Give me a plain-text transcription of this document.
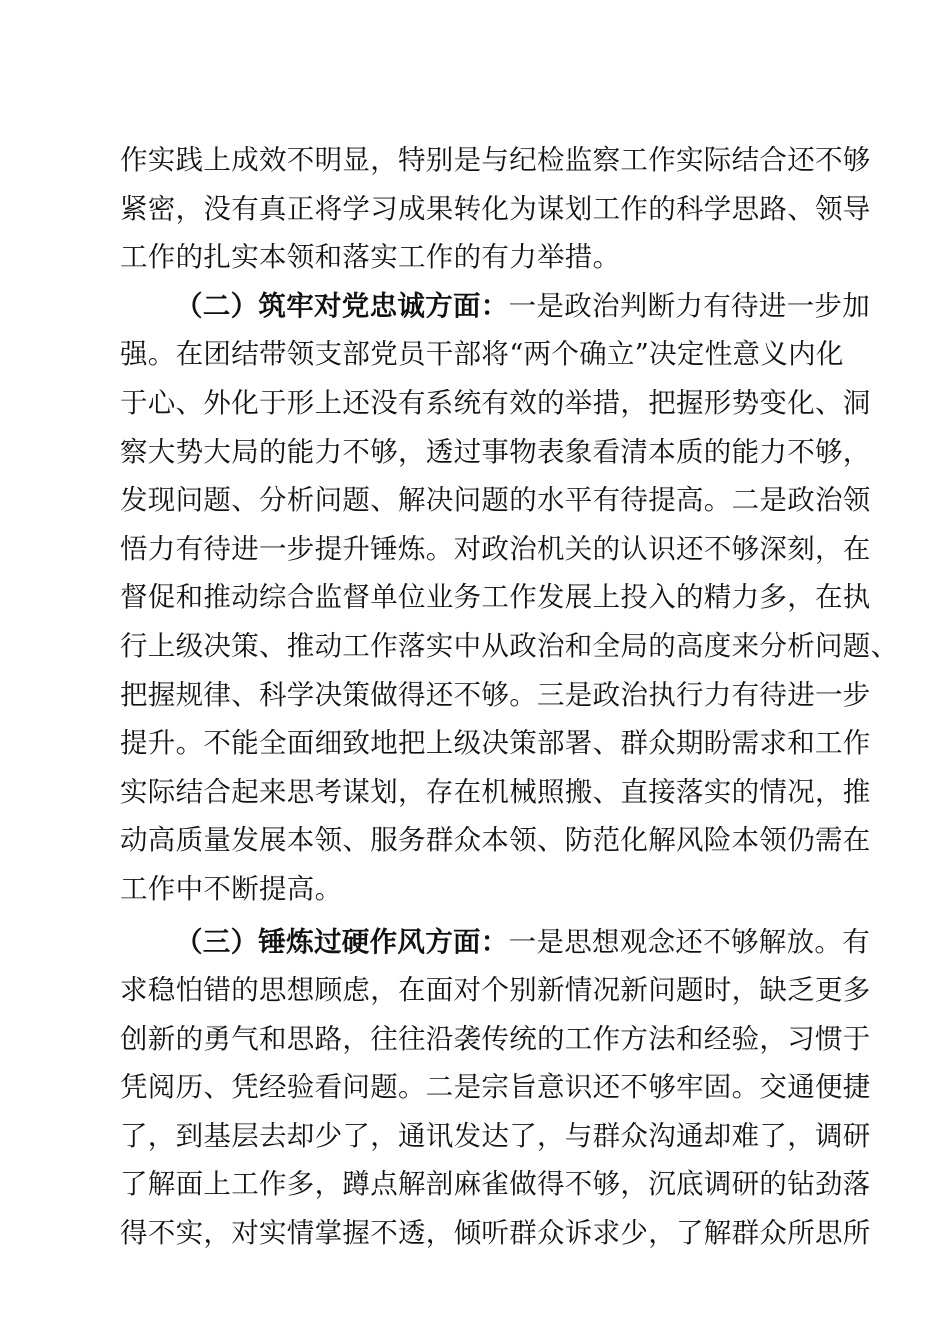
作实践上成效不明显，特别是与纪检监察工作实际结合还不够
紧密，没有真正将学习成果转化为谋划工作的科学思路、领导
工作的扎实本领和落实工作的有力举措。
（二）筑牢对党忠诚方面：一是政治判断力有待进一步加
强。在团结带领支部党员干部将“两个确立”决定性意义内化
于心、外化于形上还没有系统有效的举措，把握形势变化、洞
察大势大局的能力不够，透过事物表象看清本质的能力不够，
发现问题、分析问题、解决问题的水平有待提高。二是政治领
悟力有待进一步提升锤炼。对政治机关的认识还不够深刻，在
督促和推动综合监督单位业务工作发展上投入的精力多，在执
行上级决策、推动工作落实中从政治和全局的高度来分析问题、
把握规律、科学决策做得还不够。三是政治执行力有待进一步
提升。不能全面细致地把上级决策部署、群众期盼需求和工作
实际结合起来思考谋划，存在机械照搬、直接落实的情况，推
动高质量发展本领、服务群众本领、防范化解风险本领仍需在
工作中不断提高。
（三）锤炼过硬作风方面：一是思想观念还不够解放。有
求稳怕错的思想顾虑，在面对个别新情况新问题时，缺乏更多
创新的勇气和思路，往往沿袭传统的工作方法和经验，习惯于
凭阅历、凭经验看问题。二是宗旨意识还不够牢固。交通便捷
了，到基层去却少了，通讯发达了，与群众沟通却难了，调研
了解面上工作多，蹲点解剖麻雀做得不够，沉底调研的钻劲落
得不实，对实情掌握不透，倾听群众诉求少，了解群众所思所
